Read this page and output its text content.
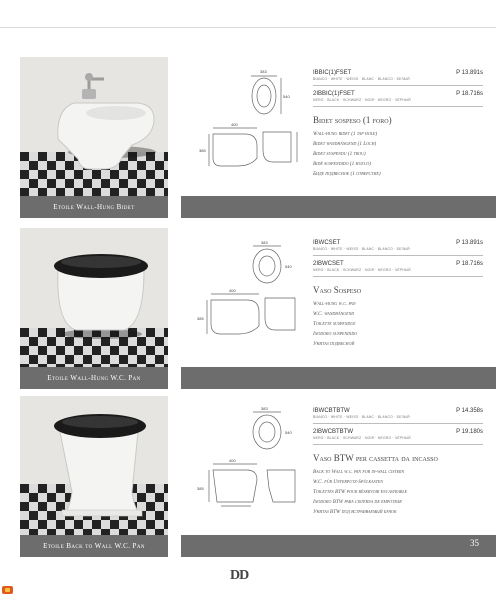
Etoile Wall-Hung Bidet
383
540
400
385
IBBIC(1)FSET	P 13.891s
BIANCO · WHITE · WEISS · BLANC · BLANCO · БЕЛЫЙ
2IBBIC(1)FSET	P 18.716s
NERO · BLACK · SCHWARZ · NOIR · NEGRO · ЧЁРНЫЙ
Bidet sospeso (1 foro)
Wall-hung bidet (1 tap hole)
Bidet wandhängend (1 Loch)
Bidet suspendu (1 trou)
Bidé suspendido (1 hueco)
Биде подвесное (1 отверстие)
Etoile Wall-Hung W.C. Pan
383
540
400
385
IBWCSET	P 13.891s
BIANCO · WHITE · WEISS · BLANC · BLANCO · БЕЛЫЙ
2IBWCSET	P 18.716s
NERO · BLACK · SCHWARZ · NOIR · NEGRO · ЧЁРНЫЙ
Vaso Sospeso
Wall-hung w.c. pan
W.C. wandhängend
Toilette suspendue
Inodoro suspendido
Унитаз подвесной
Etoile Back to Wall W.C. Pan
383
540
400
385
IBWCBTBTW	P 14.358s
BIANCO · WHITE · WEISS · BLANC · BLANCO · БЕЛЫЙ
2IBWCBTBTW	P 19.180s
NERO · BLACK · SCHWARZ · NOIR · NEGRO · ЧЁРНЫЙ
Vaso BTW per cassetta da incasso
Back to Wall w.c. pan for in-wall cistern
W.C. für Unterputz-Spülkasten
Toilettes BTW pour réservoir encastrable
Inodoro BTW para cisterna de empotrar
Унитаз BTW под встраиваемый бачок
35
DD
